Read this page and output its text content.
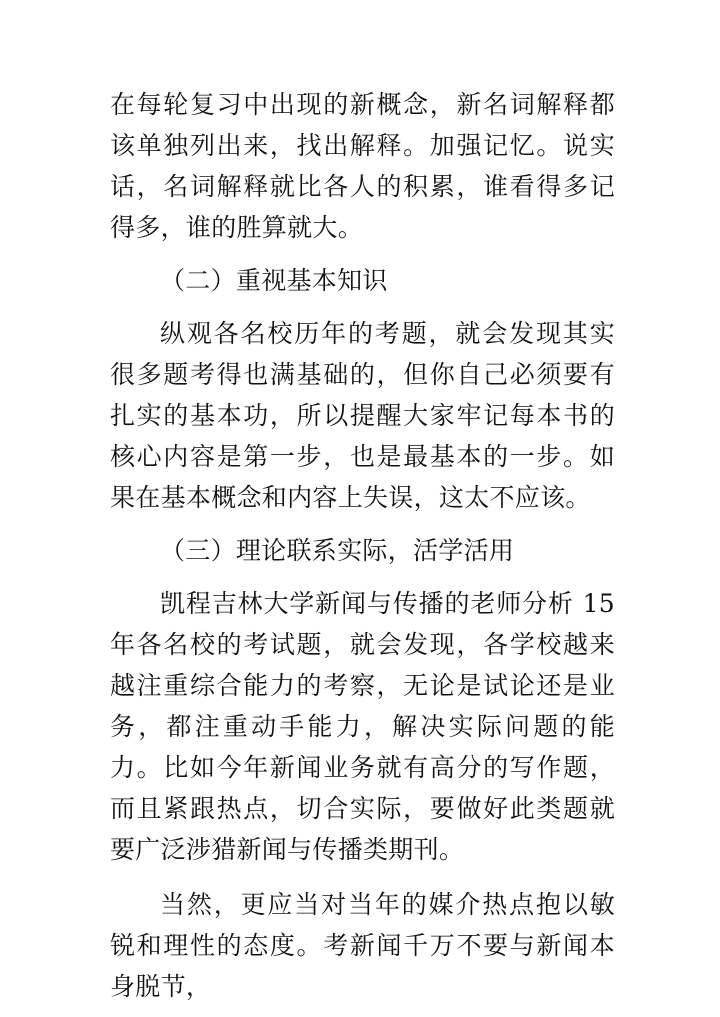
在每轮复习中出现的新概念，新名词解释都该单独列出来，找出解释。加强记忆。说实话，名词解释就比各人的积累，谁看得多记得多，谁的胜算就大。

（二）重视基本知识

纵观各名校历年的考题，就会发现其实很多题考得也满基础的，但你自己必须要有扎实的基本功，所以提醒大家牢记每本书的核心内容是第一步，也是最基本的一步。如果在基本概念和内容上失误，这太不应该。

（三）理论联系实际，活学活用

凯程吉林大学新闻与传播的老师分析 15 年各名校的考试题，就会发现，各学校越来越注重综合能力的考察，无论是试论还是业务，都注重动手能力，解决实际问题的能力。比如今年新闻业务就有高分的写作题，而且紧跟热点，切合实际，要做好此类题就要广泛涉猎新闻与传播类期刊。

当然，更应当对当年的媒介热点抱以敏锐和理性的态度。考新闻千万不要与新闻本身脱节，
